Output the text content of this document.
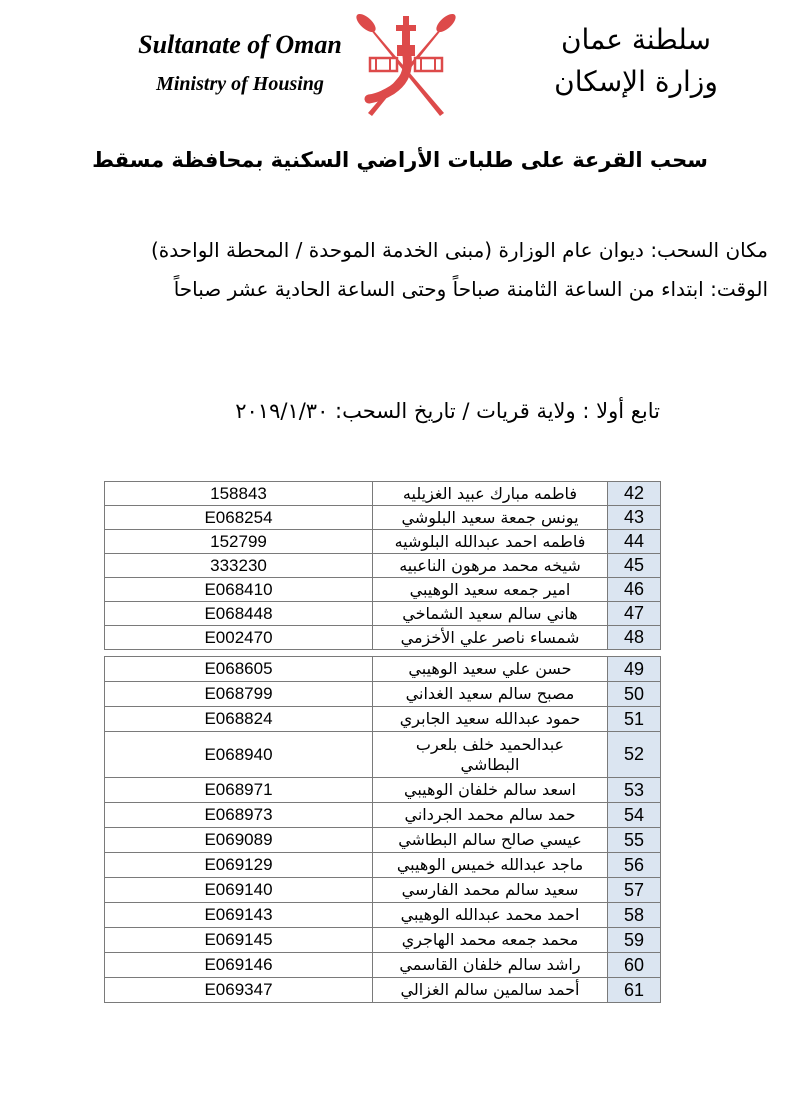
Sultanate of Oman
Ministry of Housing
سلطنة عمان
وزارة الإسكان
سحب القرعة على طلبات الأراضي السكنية بمحافظة مسقط
مكان السحب: ديوان عام الوزارة (مبنى الخدمة الموحدة / المحطة الواحدة)
الوقت: ابتداء من الساعة الثامنة صباحاً وحتى الساعة الحادية عشر صباحاً
تابع أولا : ولاية قريات / تاريخ السحب: ٢٠١٩/١/٣٠
42	فاطمه مبارك عبيد الغزيليه	158843
43	يونس جمعة سعيد البلوشي	E068254
44	فاطمه احمد عبدالله البلوشيه	152799
45	شيخه محمد مرهون الناعبيه	333230
46	امير جمعه سعيد الوهيبي	E068410
47	هاني سالم سعيد الشماخي	E068448
48	شمساء ناصر علي الأخزمي	E002470
49	حسن علي سعيد الوهيبي	E068605
50	مصبح سالم سعيد الغداني	E068799
51	حمود عبدالله سعيد الجابري	E068824
52	عبدالحميد خلف بلعرب البطاشي	E068940
53	اسعد سالم خلفان الوهيبي	E068971
54	حمد سالم محمد الجرداني	E068973
55	عيسي صالح سالم البطاشي	E069089
56	ماجد عبدالله خميس الوهيبي	E069129
57	سعيد سالم محمد الفارسي	E069140
58	احمد محمد عبدالله الوهيبي	E069143
59	محمد جمعه محمد الهاجري	E069145
60	راشد سالم خلفان القاسمي	E069146
61	أحمد سالمين سالم الغزالي	E069347
